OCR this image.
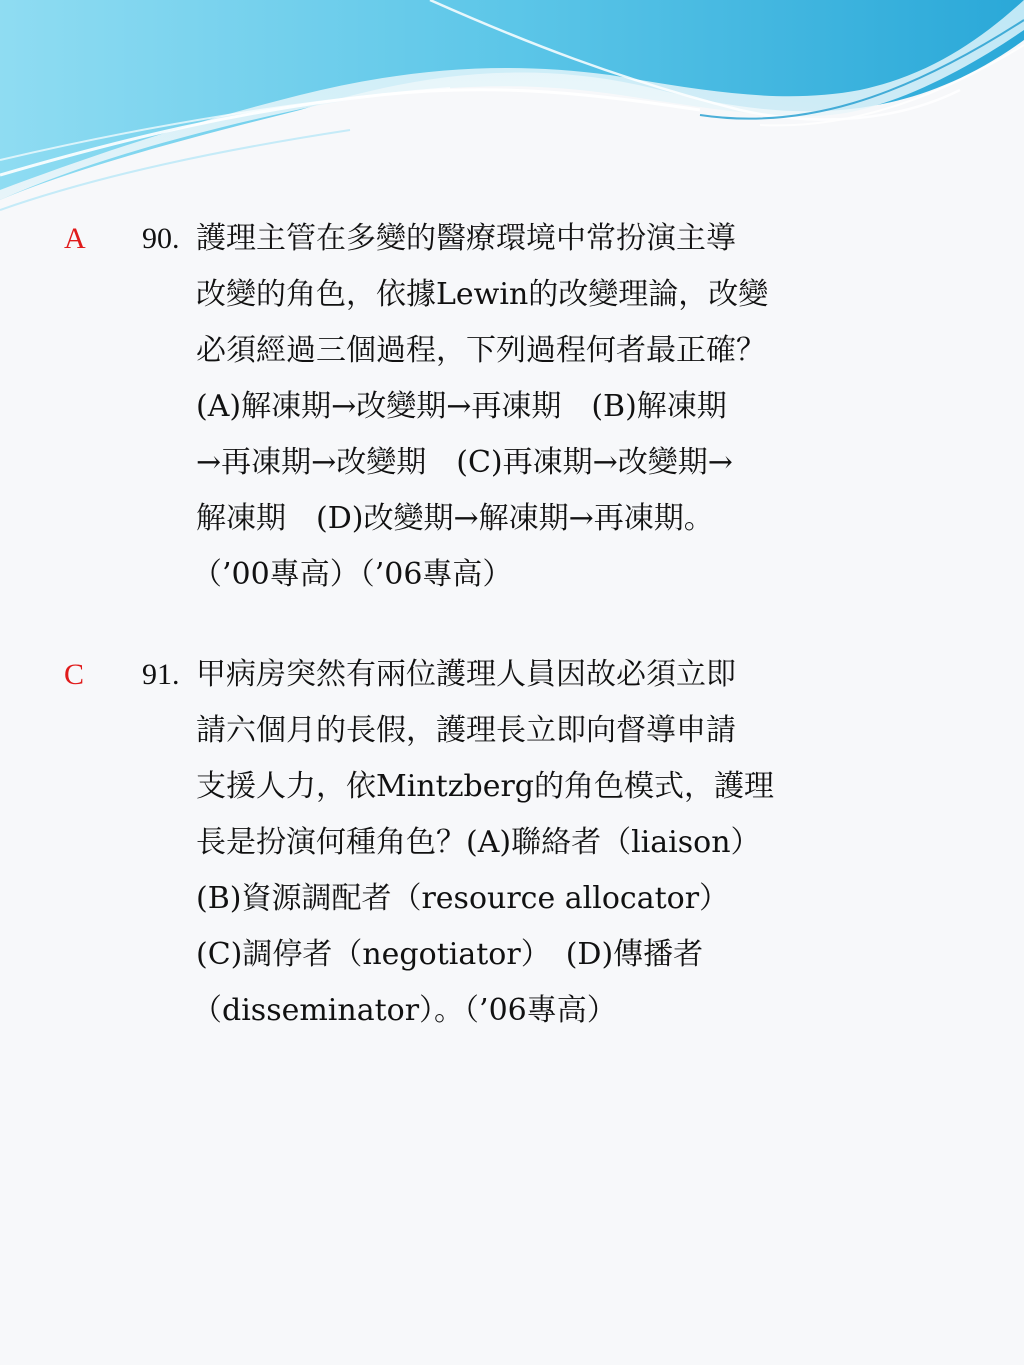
A 90. 護理主管在多變的醫療環境中常扮演主導
改變的角色，依據Lewin的改變理論，改變
必須經過三個過程，下列過程何者最正確？
(A)解凍期→改變期→再凍期　(B)解凍期
→再凍期→改變期　(C)再凍期→改變期→
解凍期　(D)改變期→解凍期→再凍期。
（’00專高）（’06專高）
C 91. 甲病房突然有兩位護理人員因故必須立即
請六個月的長假，護理長立即向督導申請
支援人力，依Mintzberg的角色模式，護理
長是扮演何種角色？(A)聯絡者（liaison）
(B)資源調配者（resource allocator）
(C)調停者（negotiator）　(D)傳播者
（disseminator）。（’06專高）
